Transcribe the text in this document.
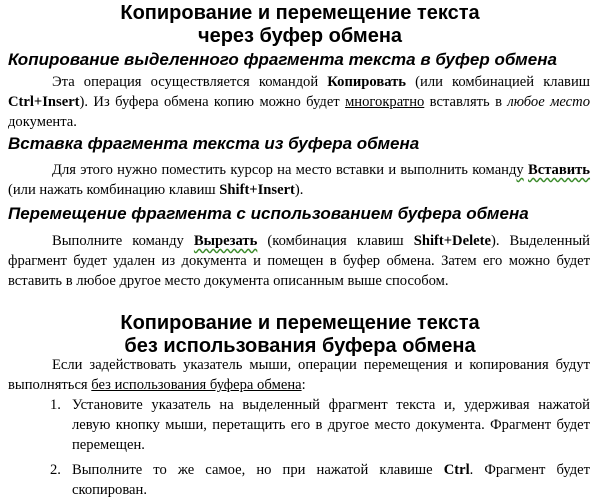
Копирование и перемещение текста
через буфер обмена
Копирование выделенного фрагмента текста в буфер обмена

Эта операция осуществляется командой Копировать (или комбинацией клавиш Ctrl+Insert). Из буфера обмена копию можно будет многократно вставлять в любое место документа.

Вставка фрагмента текста из буфера обмена

Для этого нужно поместить курсор на место вставки и выполнить команду Вставить (или нажать комбинацию клавиш Shift+Insert).

Перемещение фрагмента с использованием буфера обмена

Выполните команду Вырезать (комбинация клавиш Shift+Delete). Выделенный фрагмент будет удален из документа и помещен в буфер обмена. Затем его можно будет вставить в любое другое место документа описанным выше способом.

Копирование и перемещение текста
без использования буфера обмена

Если задействовать указатель мыши, операции перемещения и копирования будут выполняться без использования буфера обмена:

1. Установите указатель на выделенный фрагмент текста и, удерживая нажатой левую кнопку мыши, перетащить его в другое место документа. Фрагмент будет перемещен.
2. Выполните то же самое, но при нажатой клавише Ctrl. Фрагмент будет скопирован.
